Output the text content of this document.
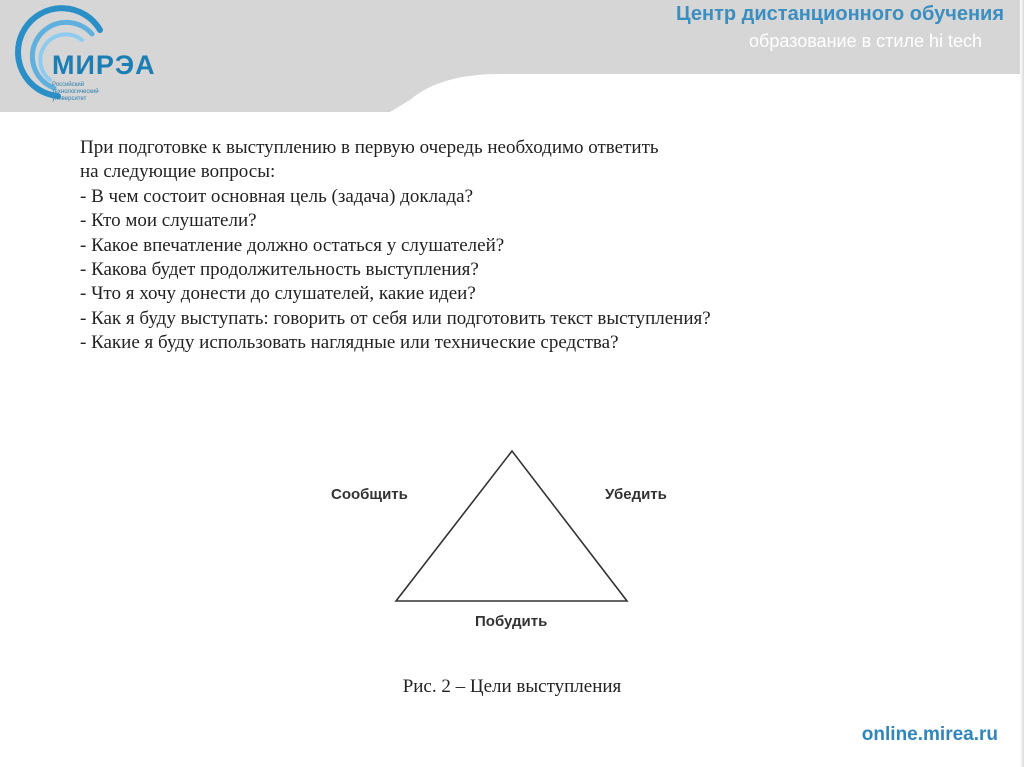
МИРЭА
Российский технологический университет
Центр дистанционного обучения
образование в стиле hi tech
При подготовке к выступлению в первую очередь необходимо ответить
на следующие вопросы:
- В чем состоит основная цель (задача) доклада?
- Кто мои слушатели?
- Какое впечатление должно остаться у слушателей?
- Какова будет продолжительность выступления?
- Что я хочу донести до слушателей, какие идеи?
- Как я буду выступать: говорить от себя или подготовить текст выступления?
- Какие я буду использовать наглядные или технические средства?
Сообщить	Убедить
Побудить
Рис. 2 – Цели выступления
online.mirea.ru
